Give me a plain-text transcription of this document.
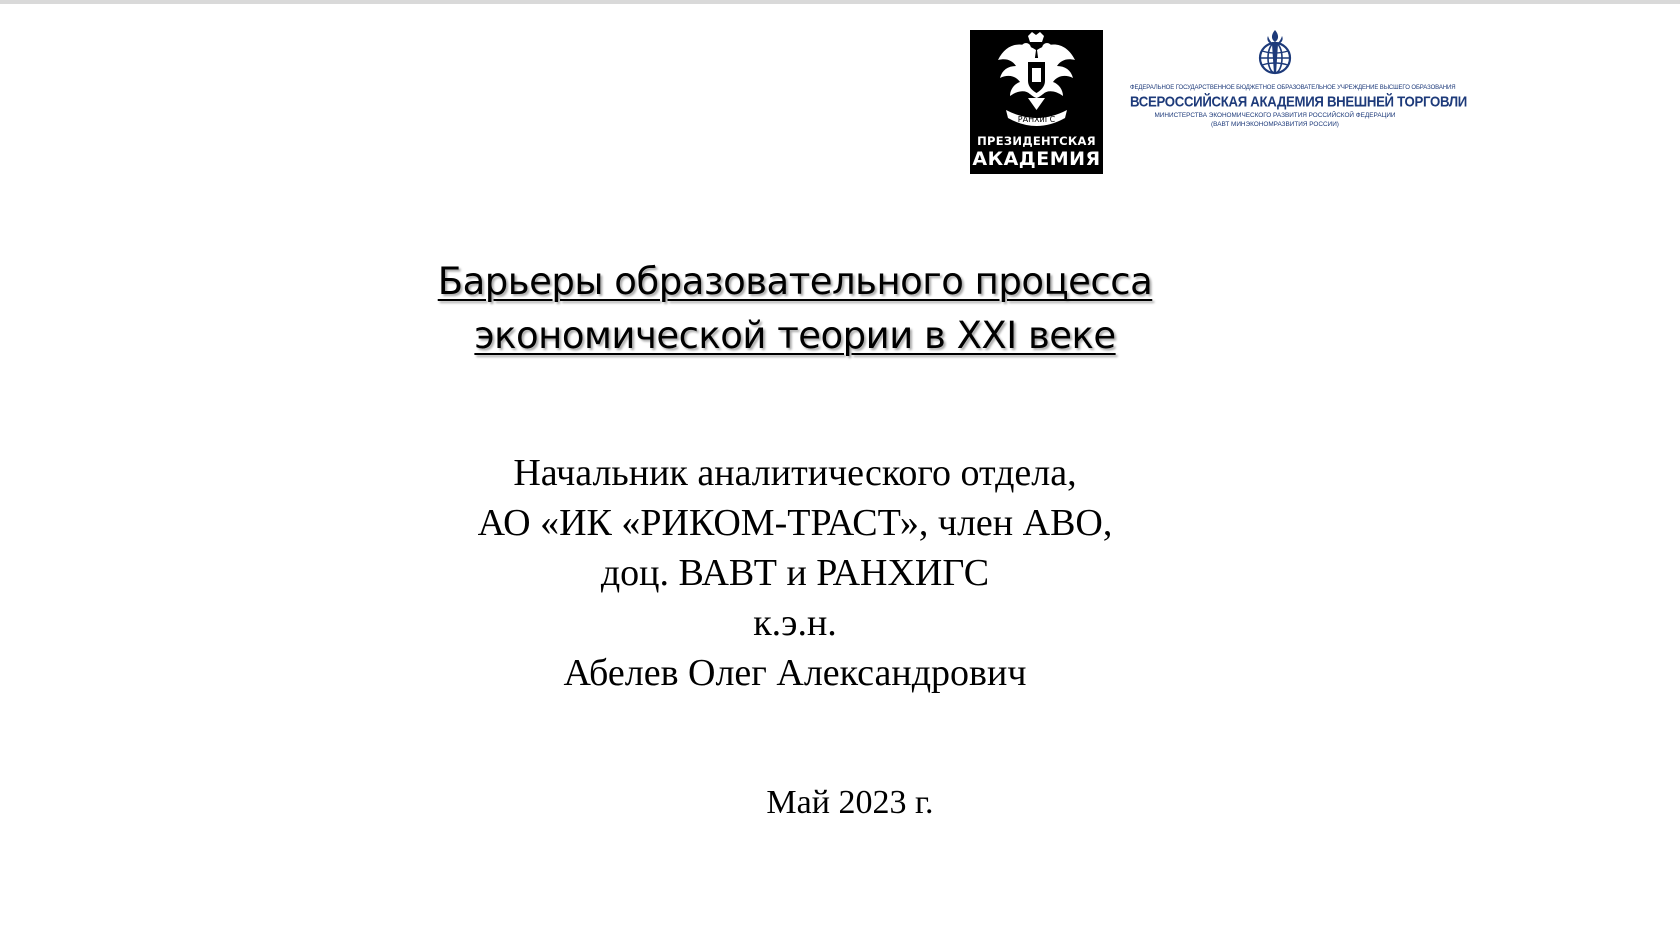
РАНХиГС
ПРЕЗИДЕНТСКАЯ
АКАДЕМИЯ
ФЕДЕРАЛЬНОЕ ГОСУДАРСТВЕННОЕ БЮДЖЕТНОЕ ОБРАЗОВАТЕЛЬНОЕ УЧРЕЖДЕНИЕ ВЫСШЕГО ОБРАЗОВАНИЯ
ВСЕРОССИЙСКАЯ АКАДЕМИЯ ВНЕШНЕЙ ТОРГОВЛИ
МИНИСТЕРСТВА ЭКОНОМИЧЕСКОГО РАЗВИТИЯ РОССИЙСКОЙ ФЕДЕРАЦИИ
(ВАВТ МИНЭКОНОМРАЗВИТИЯ РОССИИ)
Барьеры образовательного процесса
экономической теории в XXI веке
Начальник аналитического отдела,
АО «ИК «РИКОМ-ТРАСТ», член АВО,
доц. ВАВТ и РАНХИГС
к.э.н.
Абелев Олег Александрович
Май 2023 г.
